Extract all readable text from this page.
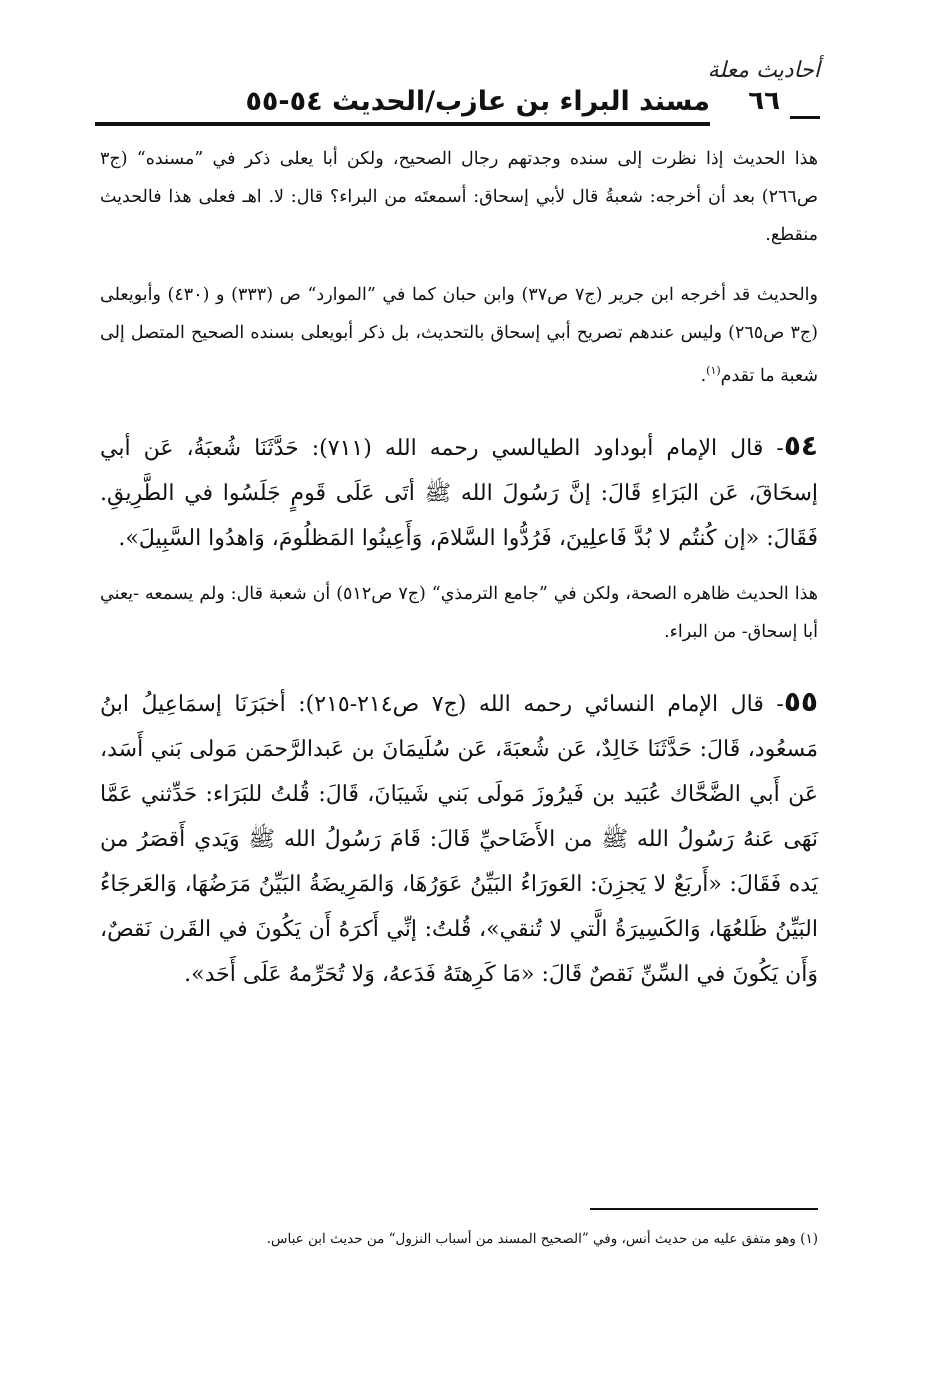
أحاديث معلة
٦٦
مسند البراء بن عازب/الحديث ٥٤-٥٥

هذا الحديث إذا نظرت إلى سنده وجدتهم رجال الصحيح، ولكن أبا يعلى ذكر في ”مسنده“ (ج٣ ص٢٦٦) بعد أن أخرجه: شعبةُ قال لأبي إسحاق: أسمعتَه من البراء؟ قال: لا. اهـ فعلى هذا فالحديث منقطع.

والحديث قد أخرجه ابن جرير (ج٧ ص٣٧) وابن حبان كما في ”الموارد“ ص (٣٣٣) و (٤٣٠) وأبويعلى (ج٣ ص٢٦٥) وليس عندهم تصريح أبي إسحاق بالتحديث، بل ذكر أبويعلى بسنده الصحيح المتصل إلى شعبة ما تقدم$^{(١)}$.

٥٤- قال الإمام أبوداود الطيالسي رحمه الله (٧١١): حَدَّثَنَا شُعبَةُ، عَن أبي إسحَاقَ، عَن البَرَاءِ قَالَ: إنَّ رَسُولَ الله ﷺ أتَى عَلَى قَومٍ جَلَسُوا في الطَّرِيقِ. فَقَالَ: «إن كُنتُم لا بُدَّ فَاعلِينَ، فَرُدُّوا السَّلامَ، وَأَعِينُوا المَظلُومَ، وَاهدُوا السَّبِيلَ».

هذا الحديث ظاهره الصحة، ولكن في ”جامع الترمذي“ (ج٧ ص٥١٢) أن شعبة قال: ولم يسمعه -يعني أبا إسحاق- من البراء.

٥٥- قال الإمام النسائي رحمه الله (ج٧ ص٢١٤-٢١٥): أخبَرَنَا إسمَاعِيلُ ابنُ مَسعُود، قَالَ: حَدَّثَنَا خَالِدٌ، عَن شُعبَةَ، عَن سُلَيمَانَ بن عَبدالرَّحمَن مَولى بَني أَسَد، عَن أَبي الضَّحَّاك عُبَيد بن فَيرُوزَ مَولَى بَني شَيبَانَ، قَالَ: قُلتُ للبَرَاء: حَدِّثني عَمَّا نَهَى عَنهُ رَسُولُ الله ﷺ من الأَضَاحيِّ قَالَ: قَامَ رَسُولُ الله ﷺ وَيَدي أَقصَرُ من يَده فَقَالَ: «أَربَعٌ لا يَجزِنَ: العَورَاءُ البَيِّنُ عَوَرُهَا، وَالمَرِيضَةُ البَيِّنُ مَرَضُهَا، وَالعَرجَاءُ البَيِّنُ ظَلعُهَا، وَالكَسِيرَةُ الَّتي لا تُنقي»، قُلتُ: إنِّي أَكرَهُ أَن يَكُونَ في القَرن نَقصٌ، وَأَن يَكُونَ في السِّنِّ نَقصٌ قَالَ: «مَا كَرِهتَهُ فَدَعهُ، وَلا تُحَرِّمهُ عَلَى أَحَد».

(١) وهو متفق عليه من حديث أنس، وفي ”الصحيح المسند من أسباب النزول“ من حديث ابن عباس.
